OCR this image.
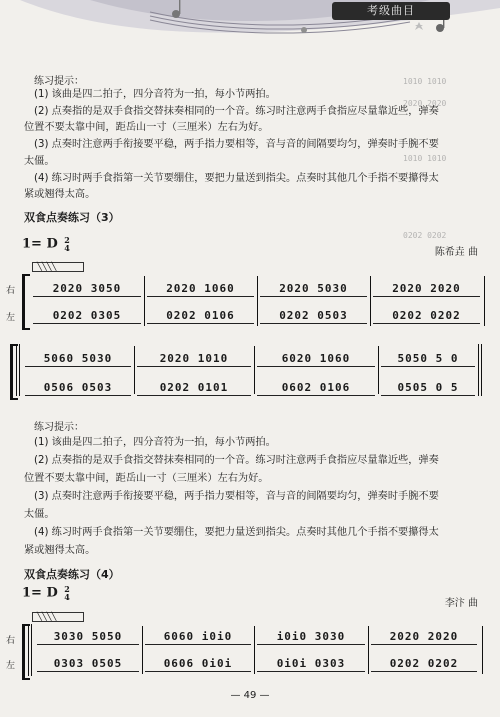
考级曲目
1010 1010

2020 2020

1010 1010

0202 0202
练习提示：
(1) 该曲是四二拍子，四分音符为一拍，每小节两拍。
(2) 点奏指的是双手食指交替抹奏相同的一个音。练习时注意两手食指应尽量靠近些，弹奏
位置不要太靠中间，距岳山一寸（三厘米）左右为好。
(3) 点奏时注意两手衔接要平稳，两手指力要相等，音与音的间隔要均匀，弹奏时手腕不要
太僵。
(4) 练习时两手食指第一关节要绷住，要把力量送到指尖。点奏时其他几个手指不要攥得太
紧或翘得太高。
双食点奏练习（3）
1= D 2
4	陈希垚 曲
╲╲╲╲
右
左
2020 3050	2020 1060	2020 5030	2020 2020
0202 0305	0202 0106	0202 0503	0202 0202
5060 5030	2020 1010	6020 1060	5050 5 0
0506 0503	0202 0101	0602 0106	0505 0 5
练习提示：
(1) 该曲是四二拍子，四分音符为一拍，每小节两拍。
(2) 点奏指的是双手食指交替抹奏相同的一个音。练习时注意两手食指应尽量靠近些，弹奏
位置不要太靠中间，距岳山一寸（三厘米）左右为好。
(3) 点奏时注意两手衔接要平稳，两手指力要相等，音与音的间隔要均匀，弹奏时手腕不要
太僵。
(4) 练习时两手食指第一关节要绷住，要把力量送到指尖。点奏时其他几个手指不要攥得太
紧或翘得太高。
双食点奏练习（4）
1= D 2
4
李汴 曲
╲╲╲╲
右
左
3030 5050	6060 i0i0	i0i0 3030	2020 2020
0303 0505	0606 0i0i	0i0i 0303	0202 0202
— 49 —
